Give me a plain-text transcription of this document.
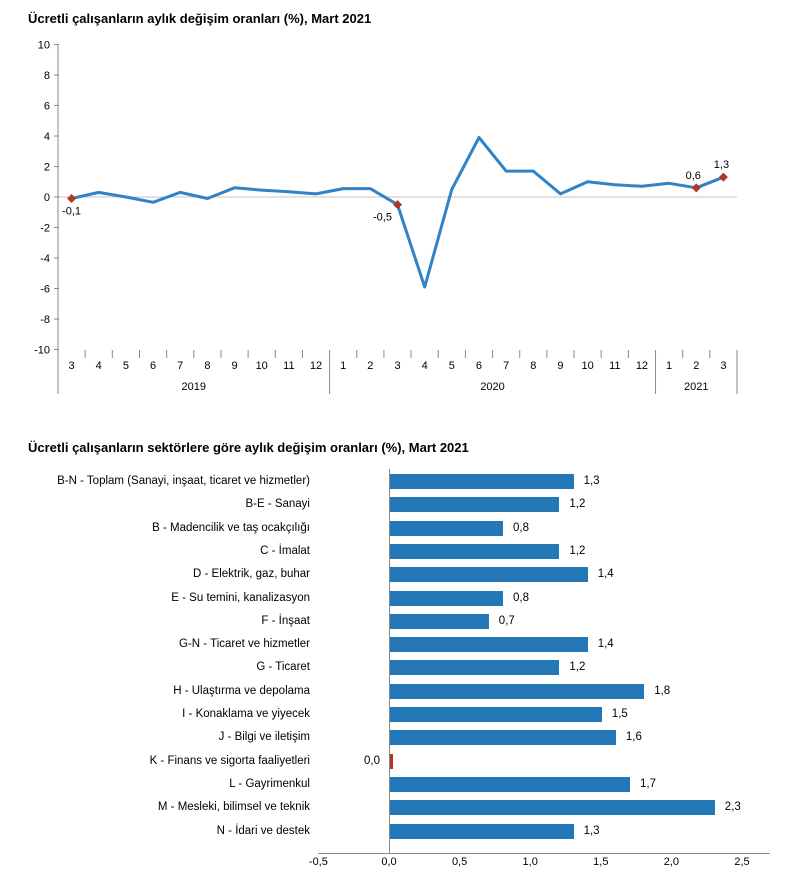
Ücretli çalışanların aylık değişim oranları (%), Mart 2021
10
8
6
4
2
0
-2
-4
-6
-8
-10
3 4 5 6 7 8 9 10 11 12 1 2 3 4 5 6 7 8 9 10 11 12 1 2 3
2019	2020	2021
-0,1
-0,5
0,6
1,3
Ücretli çalışanların sektörlere göre aylık değişim oranları (%), Mart 2021
B-N - Toplam (Sanayi, inşaat, ticaret ve hizmetler)	1,3
B-E - Sanayi	1,2
B - Madencilik ve taş ocakçılığı	0,8
C - İmalat	1,2
D - Elektrik, gaz, buhar	1,4
E - Su temini, kanalizasyon	0,8
F - İnşaat	0,7
G-N - Ticaret ve hizmetler	1,4
G - Ticaret	1,2
H - Ulaştırma ve depolama	1,8
I - Konaklama ve yiyecek	1,5
J - Bilgi ve iletişim	1,6
K - Finans ve sigorta faaliyetleri	0,0
L - Gayrimenkul	1,7
M - Mesleki, bilimsel ve teknik	2,3
N - İdari ve destek	1,3
-0,5	0,0	0,5	1,0	1,5	2,0	2,5
